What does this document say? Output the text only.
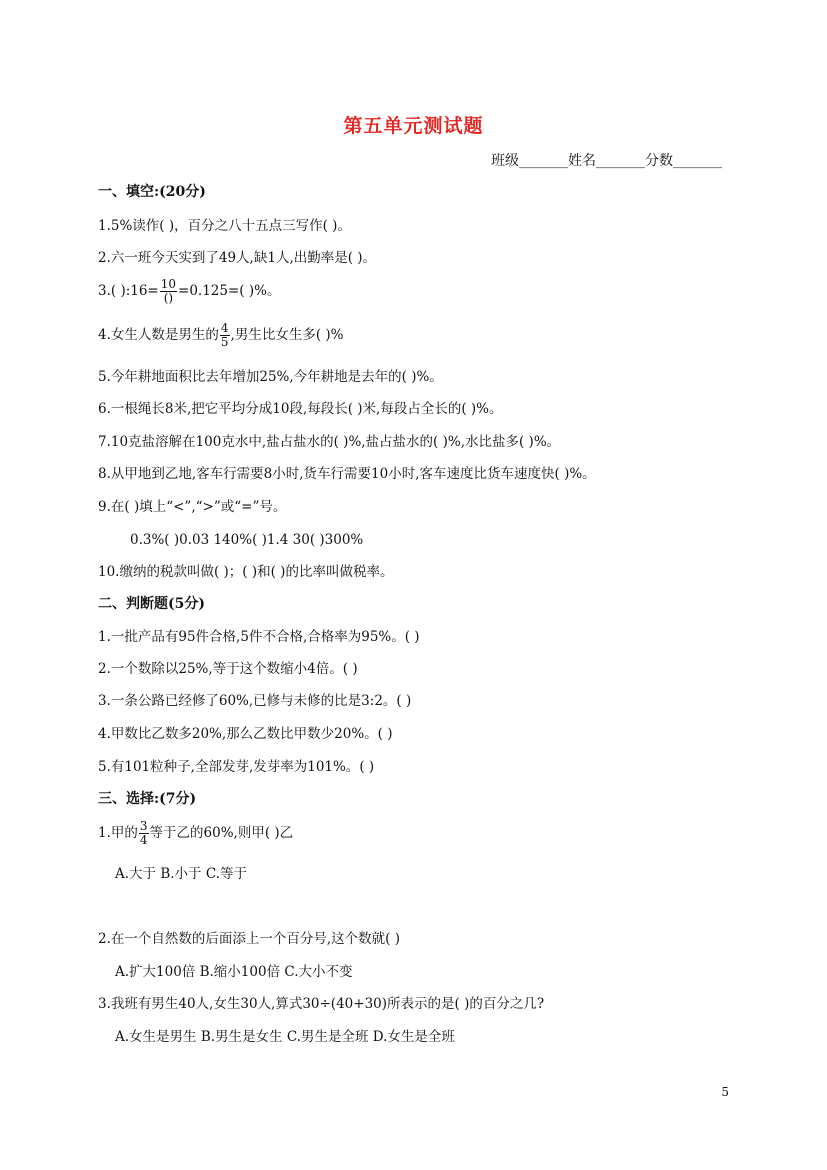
第五单元测试题
班级_______姓名_______分数_______
一、填空:(20分)
1.5%读作( )，百分之八十五点三写作( )。
2.六一班今天实到了49人,缺1人,出勤率是( )。
3.( ):16= $\frac{10}{()} =0.125=$( )%。
4.女生人数是男生的 $\frac{4}{5}$ ,男生比女生多( )%
5.今年耕地面积比去年增加25%,今年耕地是去年的( )%。
6.一根绳长8米,把它平均分成10段,每段长( )米,每段占全长的( )%。
7.10克盐溶解在100克水中,盐占盐水的( )%,盐占盐水的( )%,水比盐多( )%。
8.从甲地到乙地,客车行需要8小时,货车行需要10小时,客车速度比货车速度快( )%。
9.在( )填上“<”,“>”或“=”号。
0.3%( )0.03 140%( )1.4 30( )300%
10.缴纳的税款叫做( )；( )和( )的比率叫做税率。
二、判断题(5分)
1.一批产品有95件合格,5件不合格,合格率为95%。( )
2.一个数除以25%,等于这个数缩小4倍。( )
3.一条公路已经修了60%,已修与未修的比是3:2。( )
4.甲数比乙数多20%,那么乙数比甲数少20%。( )
5.有101粒种子,全部发芽,发芽率为101%。( )
三、选择:(7分)
1.甲的 $\frac{3}{4}$ 等于乙的60%,则甲( )乙
A.大于 B.小于 C.等于
2.在一个自然数的后面添上一个百分号,这个数就( )
A.扩大100倍 B.缩小100倍 C.大小不变
3.我班有男生40人,女生30人,算式30÷(40+30)所表示的是( )的百分之几?
A.女生是男生 B.男生是女生 C.男生是全班 D.女生是全班
5
